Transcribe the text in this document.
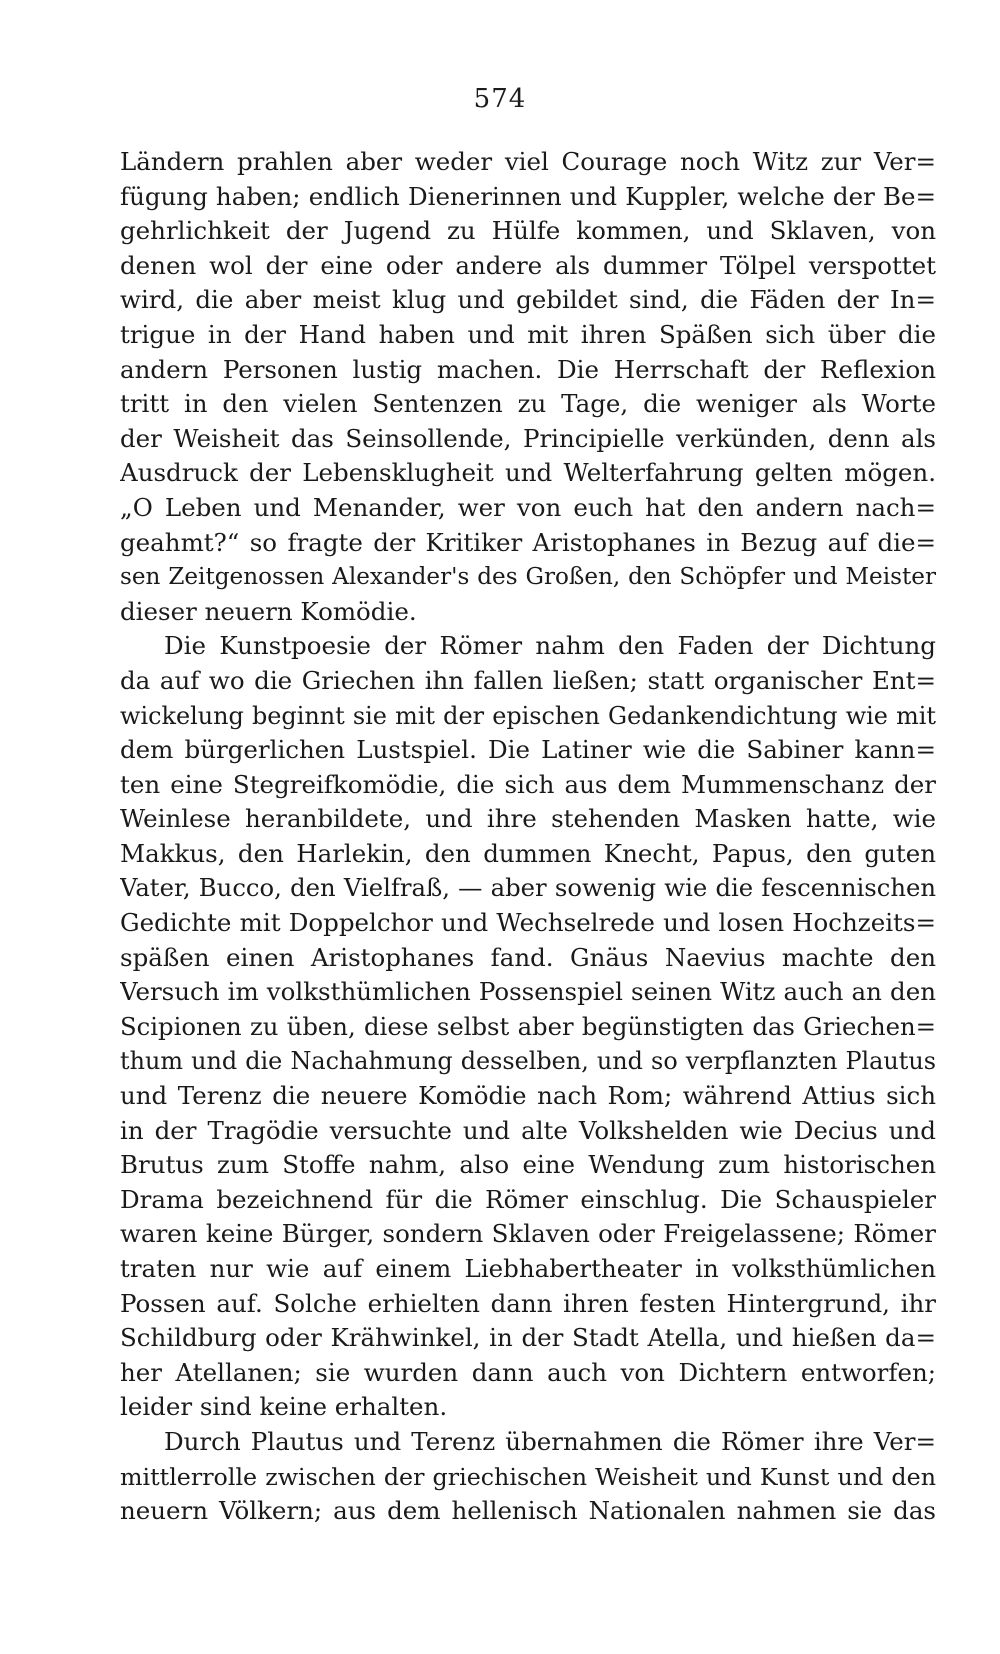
574
Ländern prahlen aber weder viel Courage noch Witz zur Ver=
fügung haben; endlich Dienerinnen und Kuppler, welche der Be=
gehrlichkeit der Jugend zu Hülfe kommen, und Sklaven, von
denen wol der eine oder andere als dummer Tölpel verspottet
wird, die aber meist klug und gebildet sind, die Fäden der In=
trigue in der Hand haben und mit ihren Späßen sich über die
andern Personen lustig machen. Die Herrschaft der Reflexion
tritt in den vielen Sentenzen zu Tage, die weniger als Worte
der Weisheit das Seinsollende, Principielle verkünden, denn als
Ausdruck der Lebensklugheit und Welterfahrung gelten mögen.
„O Leben und Menander, wer von euch hat den andern nach=
geahmt?“ so fragte der Kritiker Aristophanes in Bezug auf die=
sen Zeitgenossen Alexander's des Großen, den Schöpfer und Meister
dieser neuern Komödie.
Die Kunstpoesie der Römer nahm den Faden der Dichtung
da auf wo die Griechen ihn fallen ließen; statt organischer Ent=
wickelung beginnt sie mit der epischen Gedankendichtung wie mit
dem bürgerlichen Lustspiel. Die Latiner wie die Sabiner kann=
ten eine Stegreifkomödie, die sich aus dem Mummenschanz der
Weinlese heranbildete, und ihre stehenden Masken hatte, wie
Makkus, den Harlekin, den dummen Knecht, Papus, den guten
Vater, Bucco, den Vielfraß, — aber sowenig wie die fescennischen
Gedichte mit Doppelchor und Wechselrede und losen Hochzeits=
späßen einen Aristophanes fand. Gnäus Naevius machte den
Versuch im volksthümlichen Possenspiel seinen Witz auch an den
Scipionen zu üben, diese selbst aber begünstigten das Griechen=
thum und die Nachahmung desselben, und so verpflanzten Plautus
und Terenz die neuere Komödie nach Rom; während Attius sich
in der Tragödie versuchte und alte Volkshelden wie Decius und
Brutus zum Stoffe nahm, also eine Wendung zum historischen
Drama bezeichnend für die Römer einschlug. Die Schauspieler
waren keine Bürger, sondern Sklaven oder Freigelassene; Römer
traten nur wie auf einem Liebhabertheater in volksthümlichen
Possen auf. Solche erhielten dann ihren festen Hintergrund, ihr
Schildburg oder Krähwinkel, in der Stadt Atella, und hießen da=
her Atellanen; sie wurden dann auch von Dichtern entworfen;
leider sind keine erhalten.
Durch Plautus und Terenz übernahmen die Römer ihre Ver=
mittlerrolle zwischen der griechischen Weisheit und Kunst und den
neuern Völkern; aus dem hellenisch Nationalen nahmen sie das
